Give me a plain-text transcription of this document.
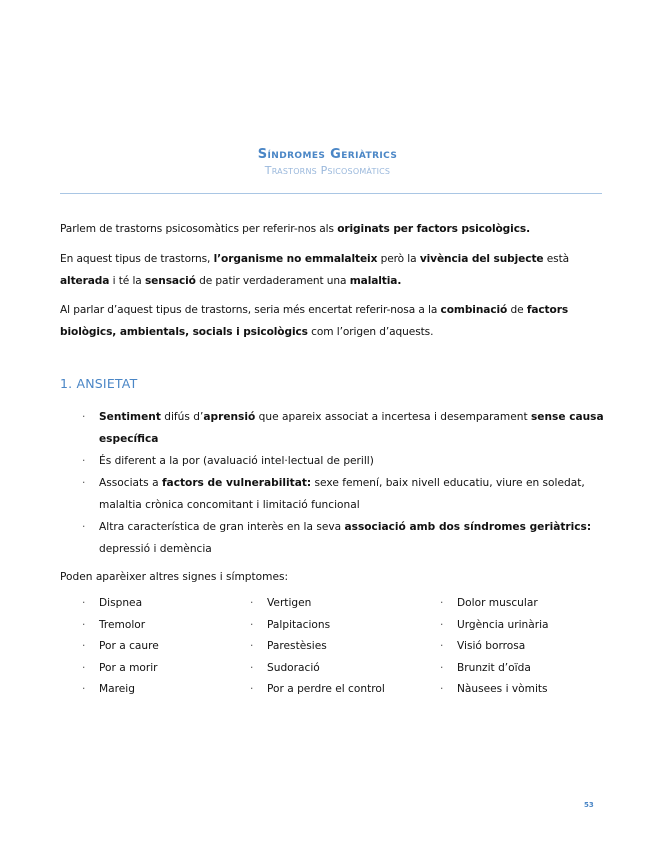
Síndromes Geriàtrics
Trastorns Psicosomàtics

Parlem de trastorns psicosomàtics per referir-nos als originats per factors psicològics.

En aquest tipus de trastorns, l’organisme no emmalalteix però la vivència del subjecte està alterada i té la sensació de patir verdaderament una malaltia.

Al parlar d’aquest tipus de trastorns, seria més encertat referir-nosa a la combinació de factors biològics, ambientals, socials i psicològics com l’origen d’aquests.

1. ANSIETAT
· Sentiment difús d’aprensió que apareix associat a incertesa i desemparament sense causa específica
· És diferent a la por (avaluació intel·lectual de perill)
· Associats a factors de vulnerabilitat: sexe femení, baix nivell educatiu, viure en soledat, malaltia crònica concomitant i limitació funcional
· Altra característica de gran interès en la seva associació amb dos síndromes geriàtrics: depressió i demència
Poden aparèixer altres signes i símptomes:
· Dispnea
· Tremolor
· Por a caure
· Por a morir
· Mareig
· Vertigen
· Palpitacions
· Parestèsies
· Sudoració
· Por a perdre el control
· Dolor muscular
· Urgència urinària
· Visió borrosa
· Brunzit d’oïda
· Nàusees i vòmits
53
